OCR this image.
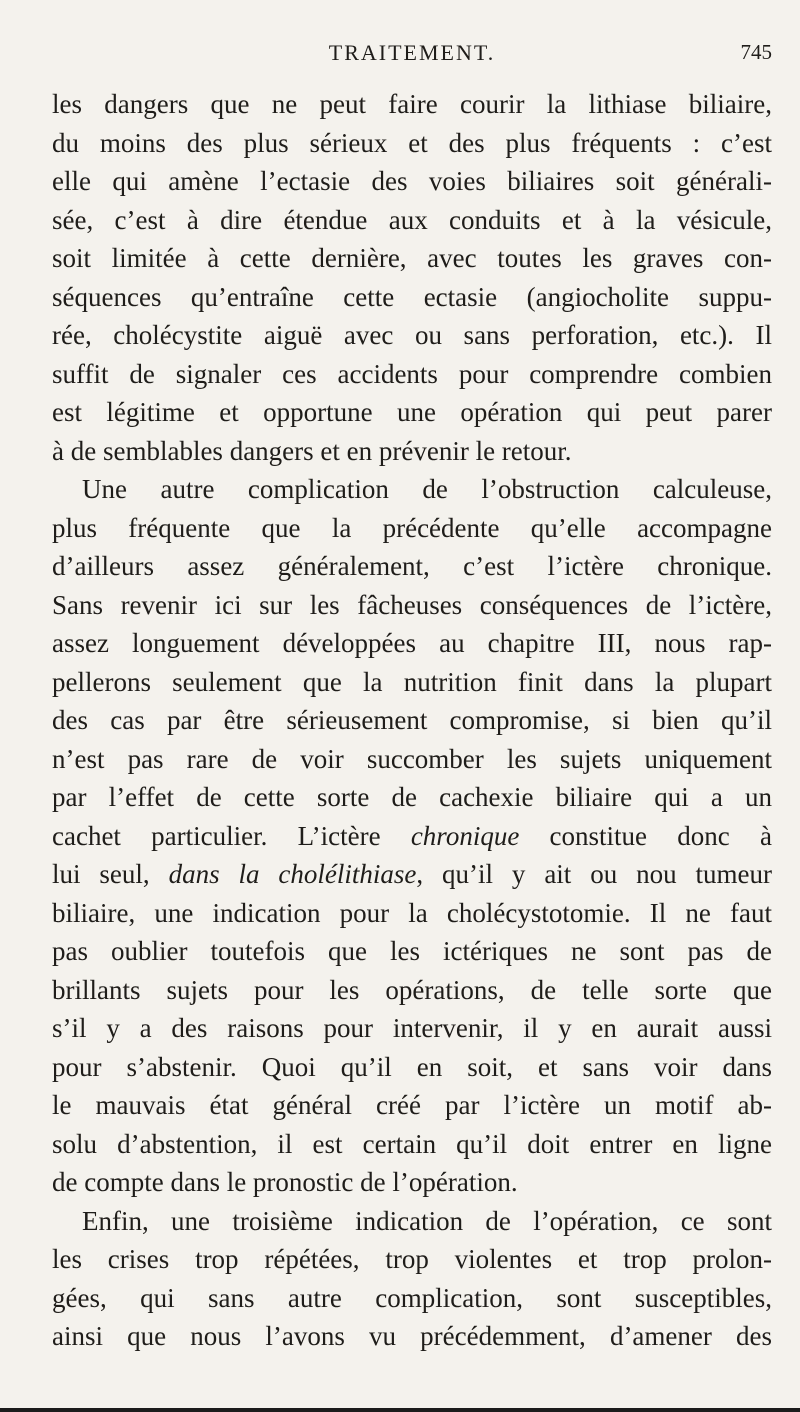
TRAITEMENT.	745
les dangers que ne peut faire courir la lithiase biliaire,
du moins des plus sérieux et des plus fréquents : c’est
elle qui amène l’ectasie des voies biliaires soit générali-
sée, c’est à dire étendue aux conduits et à la vésicule,
soit limitée à cette dernière, avec toutes les graves con-
séquences qu’entraîne cette ectasie (angiocholite suppu-
rée, cholécystite aiguë avec ou sans perforation, etc.). Il
suffit de signaler ces accidents pour comprendre combien
est légitime et opportune une opération qui peut parer
à de semblables dangers et en prévenir le retour.
Une autre complication de l’obstruction calculeuse,
plus fréquente que la précédente qu’elle accompagne
d’ailleurs assez généralement, c’est l’ictère chronique.
Sans revenir ici sur les fâcheuses conséquences de l’ictère,
assez longuement développées au chapitre III, nous rap-
pellerons seulement que la nutrition finit dans la plupart
des cas par être sérieusement compromise, si bien qu’il
n’est pas rare de voir succomber les sujets uniquement
par l’effet de cette sorte de cachexie biliaire qui a un
cachet particulier. L’ictère chronique constitue donc à
lui seul, dans la cholélithiase, qu’il y ait ou nou tumeur
biliaire, une indication pour la cholécystotomie. Il ne faut
pas oublier toutefois que les ictériques ne sont pas de
brillants sujets pour les opérations, de telle sorte que
s’il y a des raisons pour intervenir, il y en aurait aussi
pour s’abstenir. Quoi qu’il en soit, et sans voir dans
le mauvais état général créé par l’ictère un motif ab-
solu d’abstention, il est certain qu’il doit entrer en ligne
de compte dans le pronostic de l’opération.
Enfin, une troisième indication de l’opération, ce sont
les crises trop répétées, trop violentes et trop prolon-
gées, qui sans autre complication, sont susceptibles,
ainsi que nous l’avons vu précédemment, d’amener des
